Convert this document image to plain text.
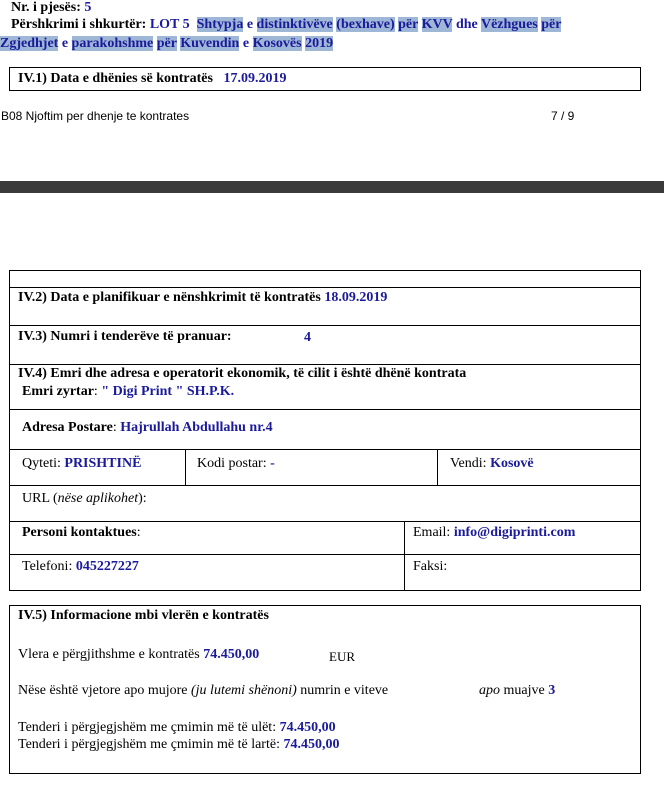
Nr. i pjesës: 5
Përshkrimi i shkurtër: LOT 5 Shtypja e distinktivëve (bexhave) për KVV dhe Vëzhgues për
Zgjedhjet e parakohshme për Kuvendin e Kosovës 2019
IV.1) Data e dhënies së kontratës 17.09.2019
B08 Njoftim per dhenje te kontrates	7 / 9
IV.2) Data e planifikuar e nënshkrimit të kontratës 18.09.2019
IV.3) Numri i tenderëve të pranuar:	4
IV.4) Emri dhe adresa e operatorit ekonomik, të cilit i është dhënë kontrata
Emri zyrtar: " Digi Print " SH.P.K.
Adresa Postare: Hajrullah Abdullahu nr.4
Qyteti: PRISHTINË	Kodi postar: -	Vendi: Kosovë
URL (nëse aplikohet):
Personi kontaktues:	Email: info@digiprinti.com
Telefoni: 045227227	Faksi:
IV.5) Informacione mbi vlerën e kontratës
Vlera e përgjithshme e kontratës 74.450,00	EUR
Nëse është vjetore apo mujore (ju lutemi shënoni) numrin e viteve	apo muajve 3
Tenderi i përgjegjshëm me çmimin më të ulët: 74.450,00
Tenderi i përgjegjshëm me çmimin më të lartë: 74.450,00
